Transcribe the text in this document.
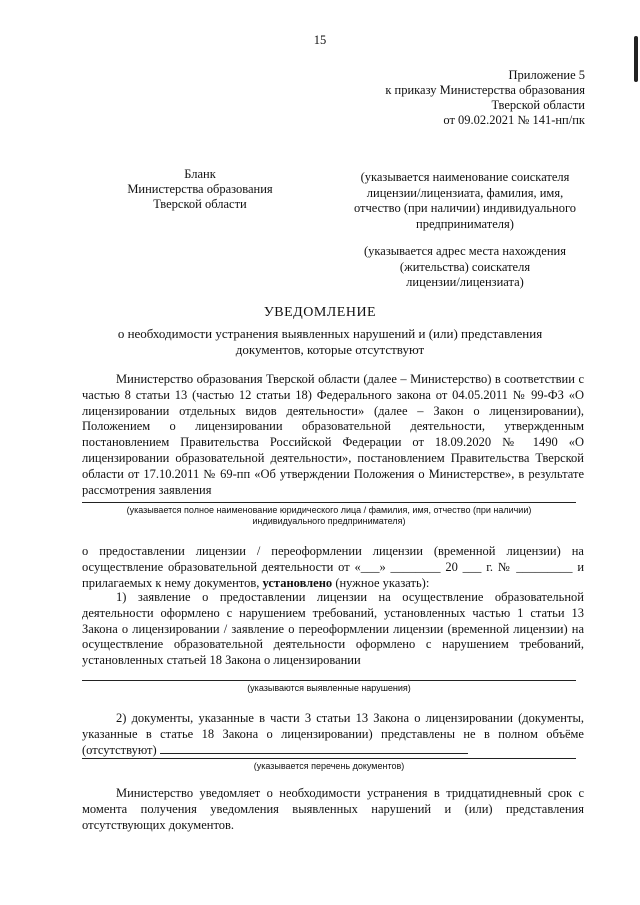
15
Приложение 5
к приказу Министерства образования
Тверской области
от 09.02.2021 № 141-нп/пк
Бланк
Министерства образования
Тверской области
(указывается наименование соискателя
лицензии/лицензиата, фамилия, имя,
отчество (при наличии) индивидуального
предпринимателя)
(указывается адрес места нахождения
(жительства) соискателя
лицензии/лицензиата)
УВЕДОМЛЕНИЕ
о необходимости устранения выявленных нарушений и (или) представления
документов, которые отсутствуют
Министерство образования Тверской области (далее – Министерство) в соответствии с частью 8 статьи 13 (частью 12 статьи 18) Федерального закона от 04.05.2011 № 99-ФЗ «О лицензировании отдельных видов деятельности» (далее – Закон о лицензировании), Положением о лицензировании образовательной деятельности, утвержденным постановлением Правительства Российской Федерации от 18.09.2020 № 1490 «О лицензировании образовательной деятельности», постановлением Правительства Тверской области от 17.10.2011 № 69-пп «Об утверждении Положения о Министерстве», в результате рассмотрения заявления
(указывается полное наименование юридического лица / фамилия, имя, отчество (при наличии)
индивидуального предпринимателя)
о предоставлении лицензии / переоформлении лицензии (временной лицензии) на осуществление образовательной деятельности от «___» ________ 20 ___ г. № _________ и прилагаемых к нему документов, установлено (нужное указать):
1) заявление о предоставлении лицензии на осуществление образовательной деятельности оформлено с нарушением требований, установленных частью 1 статьи 13 Закона о лицензировании / заявление о переоформлении лицензии (временной лицензии) на осуществление образовательной деятельности оформлено с нарушением требований, установленных статьей 18 Закона о лицензировании
(указываются выявленные нарушения)
2) документы, указанные в части 3 статьи 13 Закона о лицензировании (документы, указанные в статье 18 Закона о лицензировании) представлены не в полном объёме (отсутствуют)
(указывается перечень документов)
Министерство уведомляет о необходимости устранения в тридцатидневный срок с момента получения уведомления выявленных нарушений и (или) представления отсутствующих документов.
